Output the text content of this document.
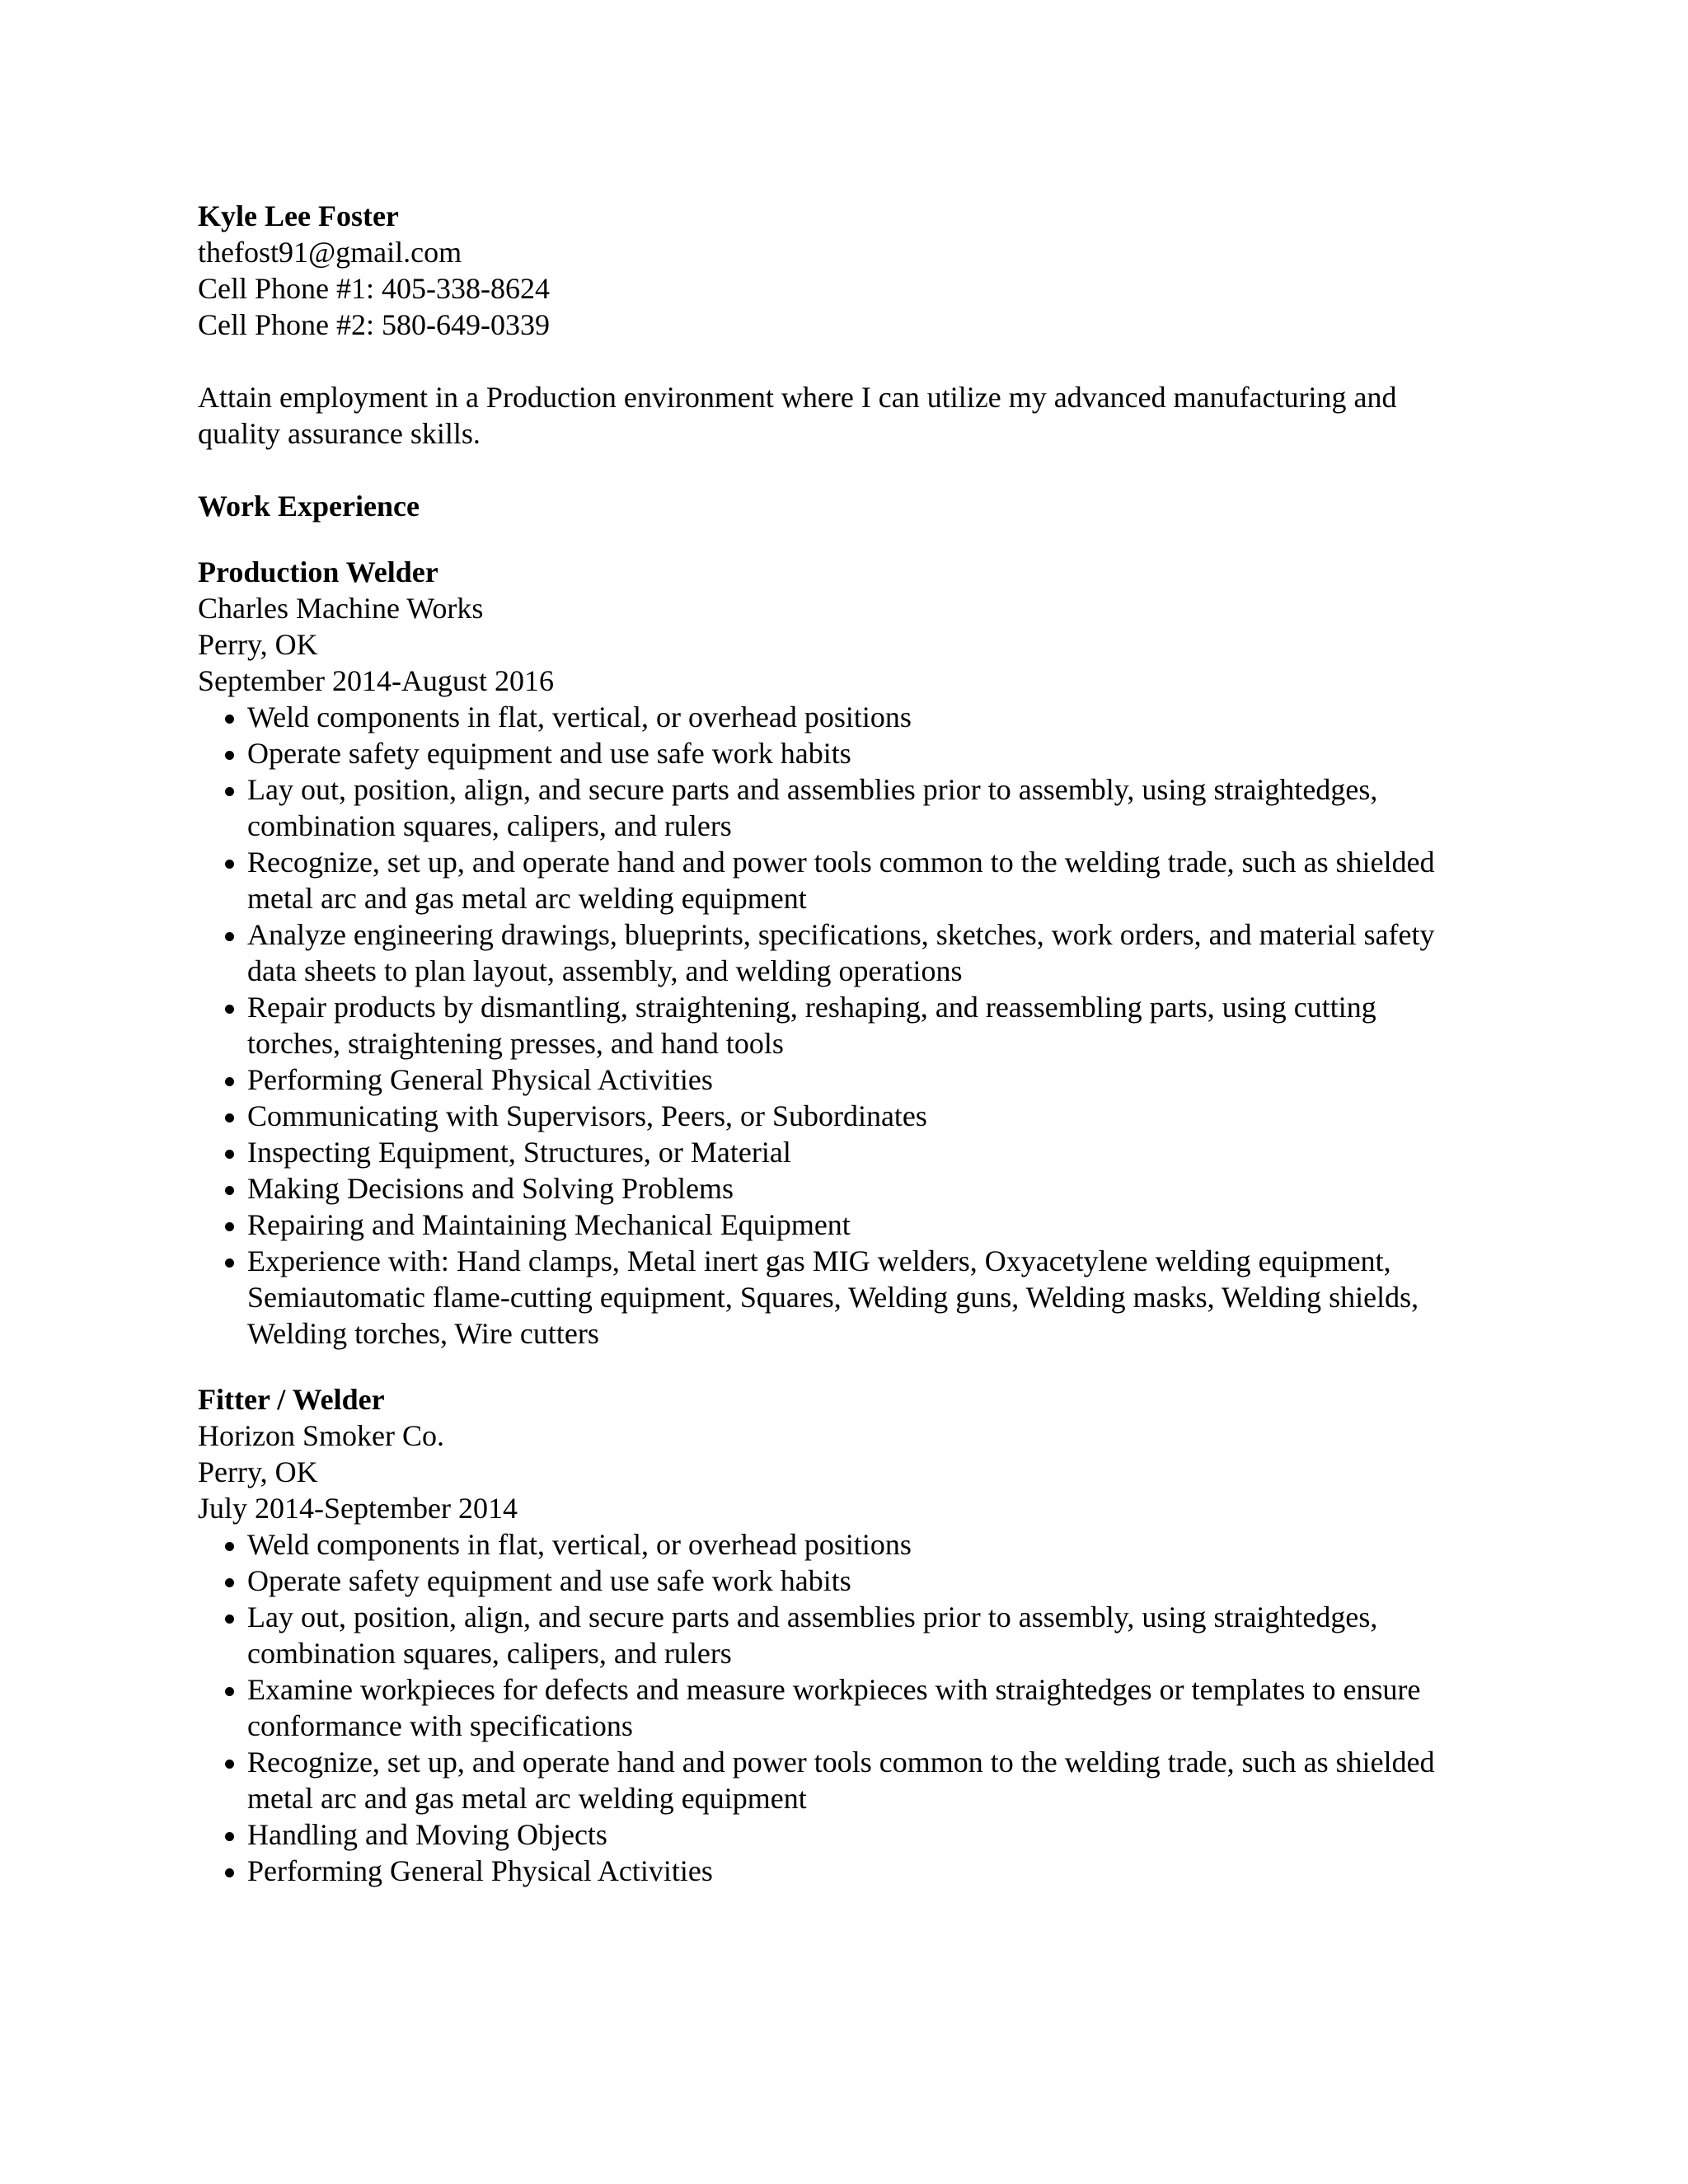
Kyle Lee Foster
thefost91@gmail.com
Cell Phone #1: 405-338-8624
Cell Phone #2: 580-649-0339
Attain employment in a Production environment where I can utilize my advanced manufacturing and
quality assurance skills.
Work Experience
Production Welder
Charles Machine Works
Perry, OK
September 2014-August 2016
Weld components in flat, vertical, or overhead positions
Operate safety equipment and use safe work habits
Lay out, position, align, and secure parts and assemblies prior to assembly, using straightedges,
combination squares, calipers, and rulers
Recognize, set up, and operate hand and power tools common to the welding trade, such as shielded
metal arc and gas metal arc welding equipment
Analyze engineering drawings, blueprints, specifications, sketches, work orders, and material safety
data sheets to plan layout, assembly, and welding operations
Repair products by dismantling, straightening, reshaping, and reassembling parts, using cutting
torches, straightening presses, and hand tools
Performing General Physical Activities
Communicating with Supervisors, Peers, or Subordinates
Inspecting Equipment, Structures, or Material
Making Decisions and Solving Problems
Repairing and Maintaining Mechanical Equipment
Experience with: Hand clamps, Metal inert gas MIG welders, Oxyacetylene welding equipment,
Semiautomatic flame-cutting equipment, Squares, Welding guns, Welding masks, Welding shields,
Welding torches, Wire cutters
Fitter / Welder
Horizon Smoker Co.
Perry, OK
July 2014-September 2014
Weld components in flat, vertical, or overhead positions
Operate safety equipment and use safe work habits
Lay out, position, align, and secure parts and assemblies prior to assembly, using straightedges,
combination squares, calipers, and rulers
Examine workpieces for defects and measure workpieces with straightedges or templates to ensure
conformance with specifications
Recognize, set up, and operate hand and power tools common to the welding trade, such as shielded
metal arc and gas metal arc welding equipment
Handling and Moving Objects
Performing General Physical Activities
